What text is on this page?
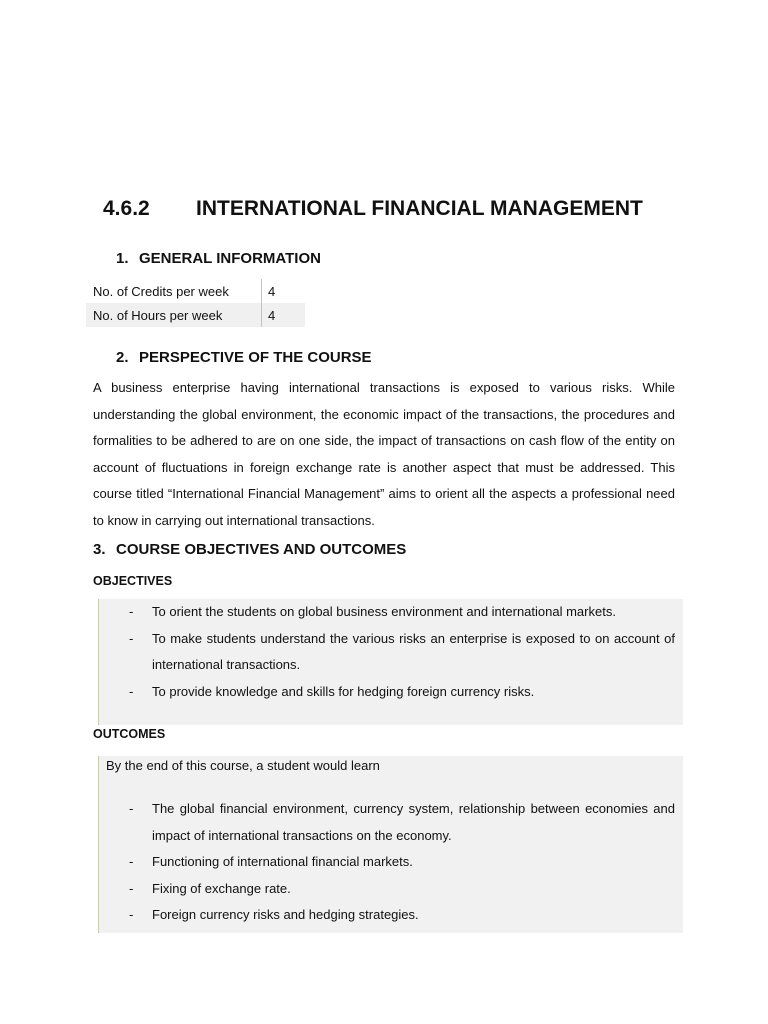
4.6.2 INTERNATIONAL FINANCIAL MANAGEMENT
1. GENERAL INFORMATION
No. of Credits per week	4
No. of Hours per week	4
2. PERSPECTIVE OF THE COURSE
A business enterprise having international transactions is exposed to various risks. While understanding the global environment, the economic impact of the transactions, the procedures and formalities to be adhered to are on one side, the impact of transactions on cash flow of the entity on account of fluctuations in foreign exchange rate is another aspect that must be addressed. This course titled “International Financial Management” aims to orient all the aspects a professional need to know in carrying out international transactions.
3. COURSE OBJECTIVES AND OUTCOMES
OBJECTIVES
- To orient the students on global business environment and international markets.
- To make students understand the various risks an enterprise is exposed to on account of international transactions.
- To provide knowledge and skills for hedging foreign currency risks.
OUTCOMES
By the end of this course, a student would learn
- The global financial environment, currency system, relationship between economies and impact of international transactions on the economy.
- Functioning of international financial markets.
- Fixing of exchange rate.
- Foreign currency risks and hedging strategies.
